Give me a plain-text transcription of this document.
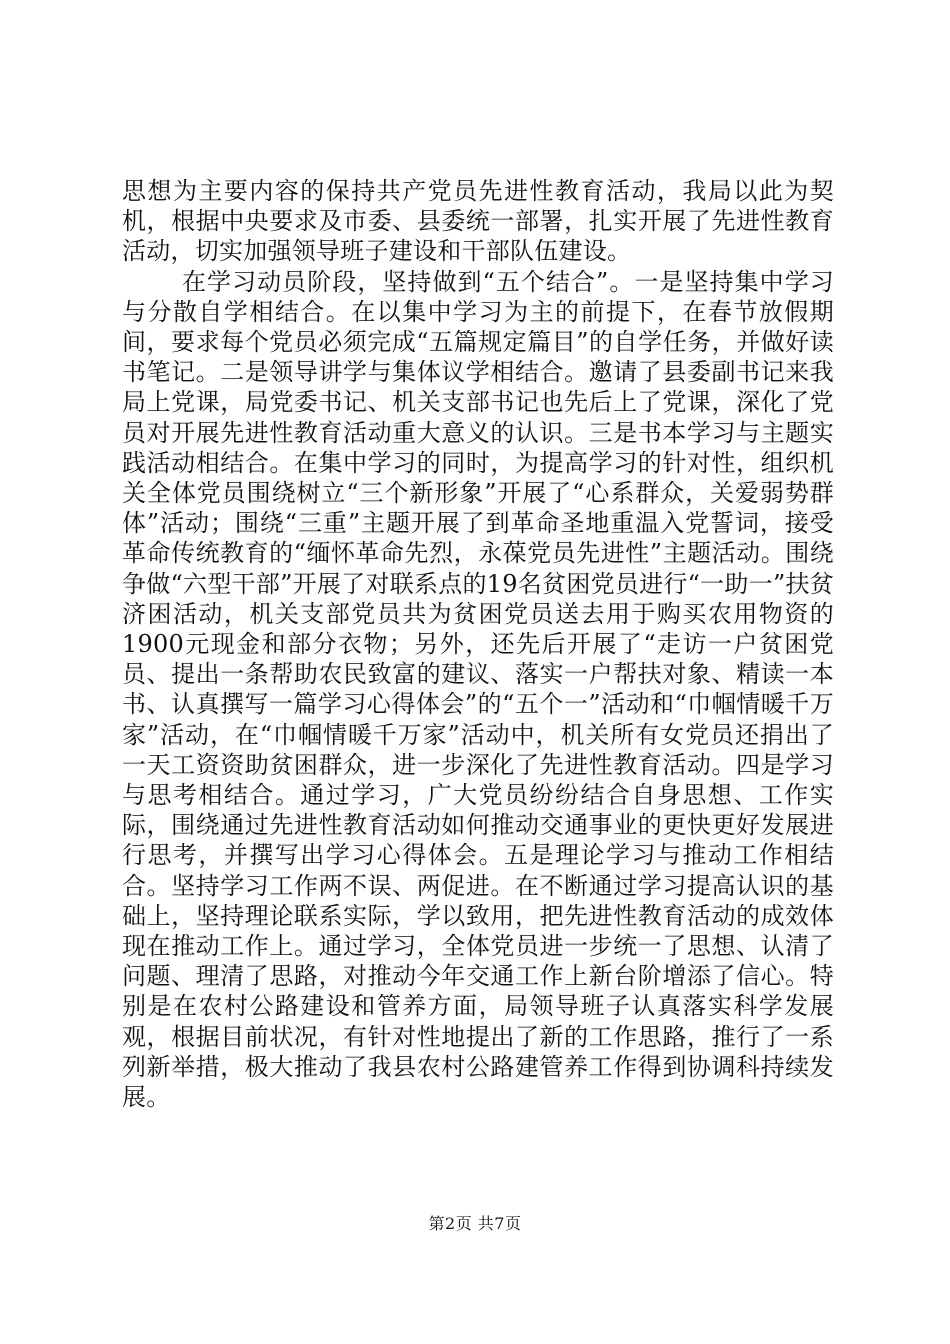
思想为主要内容的保持共产党员先进性教育活动，我局以此为契机，根据中央要求及市委、县委统一部署，扎实开展了先进性教育活动，切实加强领导班子建设和干部队伍建设。

在学习动员阶段，坚持做到“五个结合”。一是坚持集中学习与分散自学相结合。在以集中学习为主的前提下，在春节放假期间，要求每个党员必须完成“五篇规定篇目”的自学任务，并做好读书笔记。二是领导讲学与集体议学相结合。邀请了县委副书记来我局上党课，局党委书记、机关支部书记也先后上了党课，深化了党员对开展先进性教育活动重大意义的认识。三是书本学习与主题实践活动相结合。在集中学习的同时，为提高学习的针对性，组织机关全体党员围绕树立“三个新形象”开展了“心系群众，关爱弱势群体”活动；围绕“三重”主题开展了到革命圣地重温入党誓词，接受革命传统教育的“缅怀革命先烈，永葆党员先进性”主题活动。围绕争做“六型干部”开展了对联系点的19名贫困党员进行“一助一”扶贫济困活动，机关支部党员共为贫困党员送去用于购买农用物资的1900元现金和部分衣物；另外，还先后开展了“走访一户贫困党员、提出一条帮助农民致富的建议、落实一户帮扶对象、精读一本书、认真撰写一篇学习心得体会”的“五个一”活动和“巾帼情暖千万家”活动，在“巾帼情暖千万家”活动中，机关所有女党员还捐出了一天工资资助贫困群众，进一步深化了先进性教育活动。四是学习与思考相结合。通过学习，广大党员纷纷结合自身思想、工作实际，围绕通过先进性教育活动如何推动交通事业的更快更好发展进行思考，并撰写出学习心得体会。五是理论学习与推动工作相结合。坚持学习工作两不误、两促进。在不断通过学习提高认识的基础上，坚持理论联系实际，学以致用，把先进性教育活动的成效体现在推动工作上。通过学习，全体党员进一步统一了思想、认清了问题、理清了思路，对推动今年交通工作上新台阶增添了信心。特别是在农村公路建设和管养方面，局领导班子认真落实科学发展观，根据目前状况，有针对性地提出了新的工作思路，推行了一系列新举措，极大推动了我县农村公路建管养工作得到协调科持续发展。

第2页 共7页
